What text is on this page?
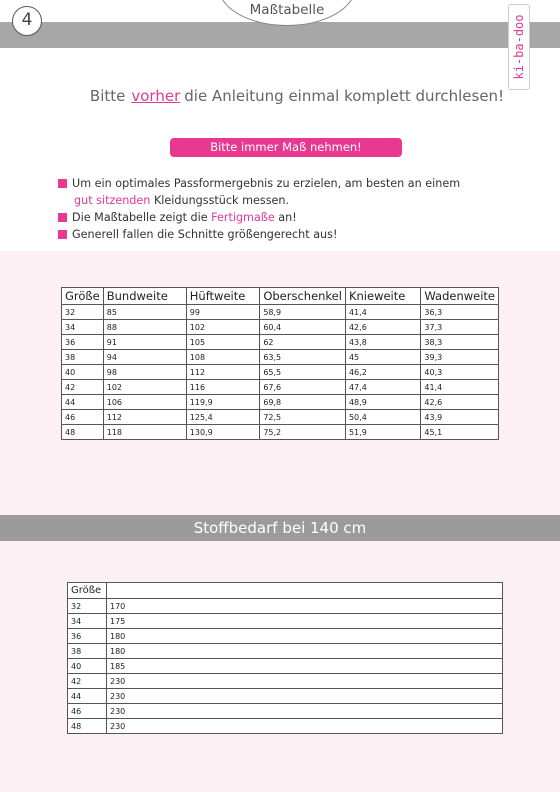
4	Maßtabelle
ki-ba-doo
Bitte vorher die Anleitung einmal komplett durchlesen!
Bitte immer Maß nehmen!
Um ein optimales Passformergebnis zu erzielen, am besten an einem
gut sitzenden Kleidungsstück messen.
Die Maßtabelle zeigt die Fertigmaße an!
Generell fallen die Schnitte größengerecht aus!
Größe	Bundweite	Hüftweite	Oberschenkel	Knieweite	Wadenweite
32	85	99	58,9	41,4	36,3
34	88	102	60,4	42,6	37,3
36	91	105	62	43,8	38,3
38	94	108	63,5	45	39,3
40	98	112	65,5	46,2	40,3
42	102	116	67,6	47,4	41,4
44	106	119,9	69,8	48,9	42,6
46	112	125,4	72,5	50,4	43,9
48	118	130,9	75,2	51,9	45,1
Stoffbedarf bei 140 cm
Größe	
32	170
34	175
36	180
38	180
40	185
42	230
44	230
46	230
48	230
